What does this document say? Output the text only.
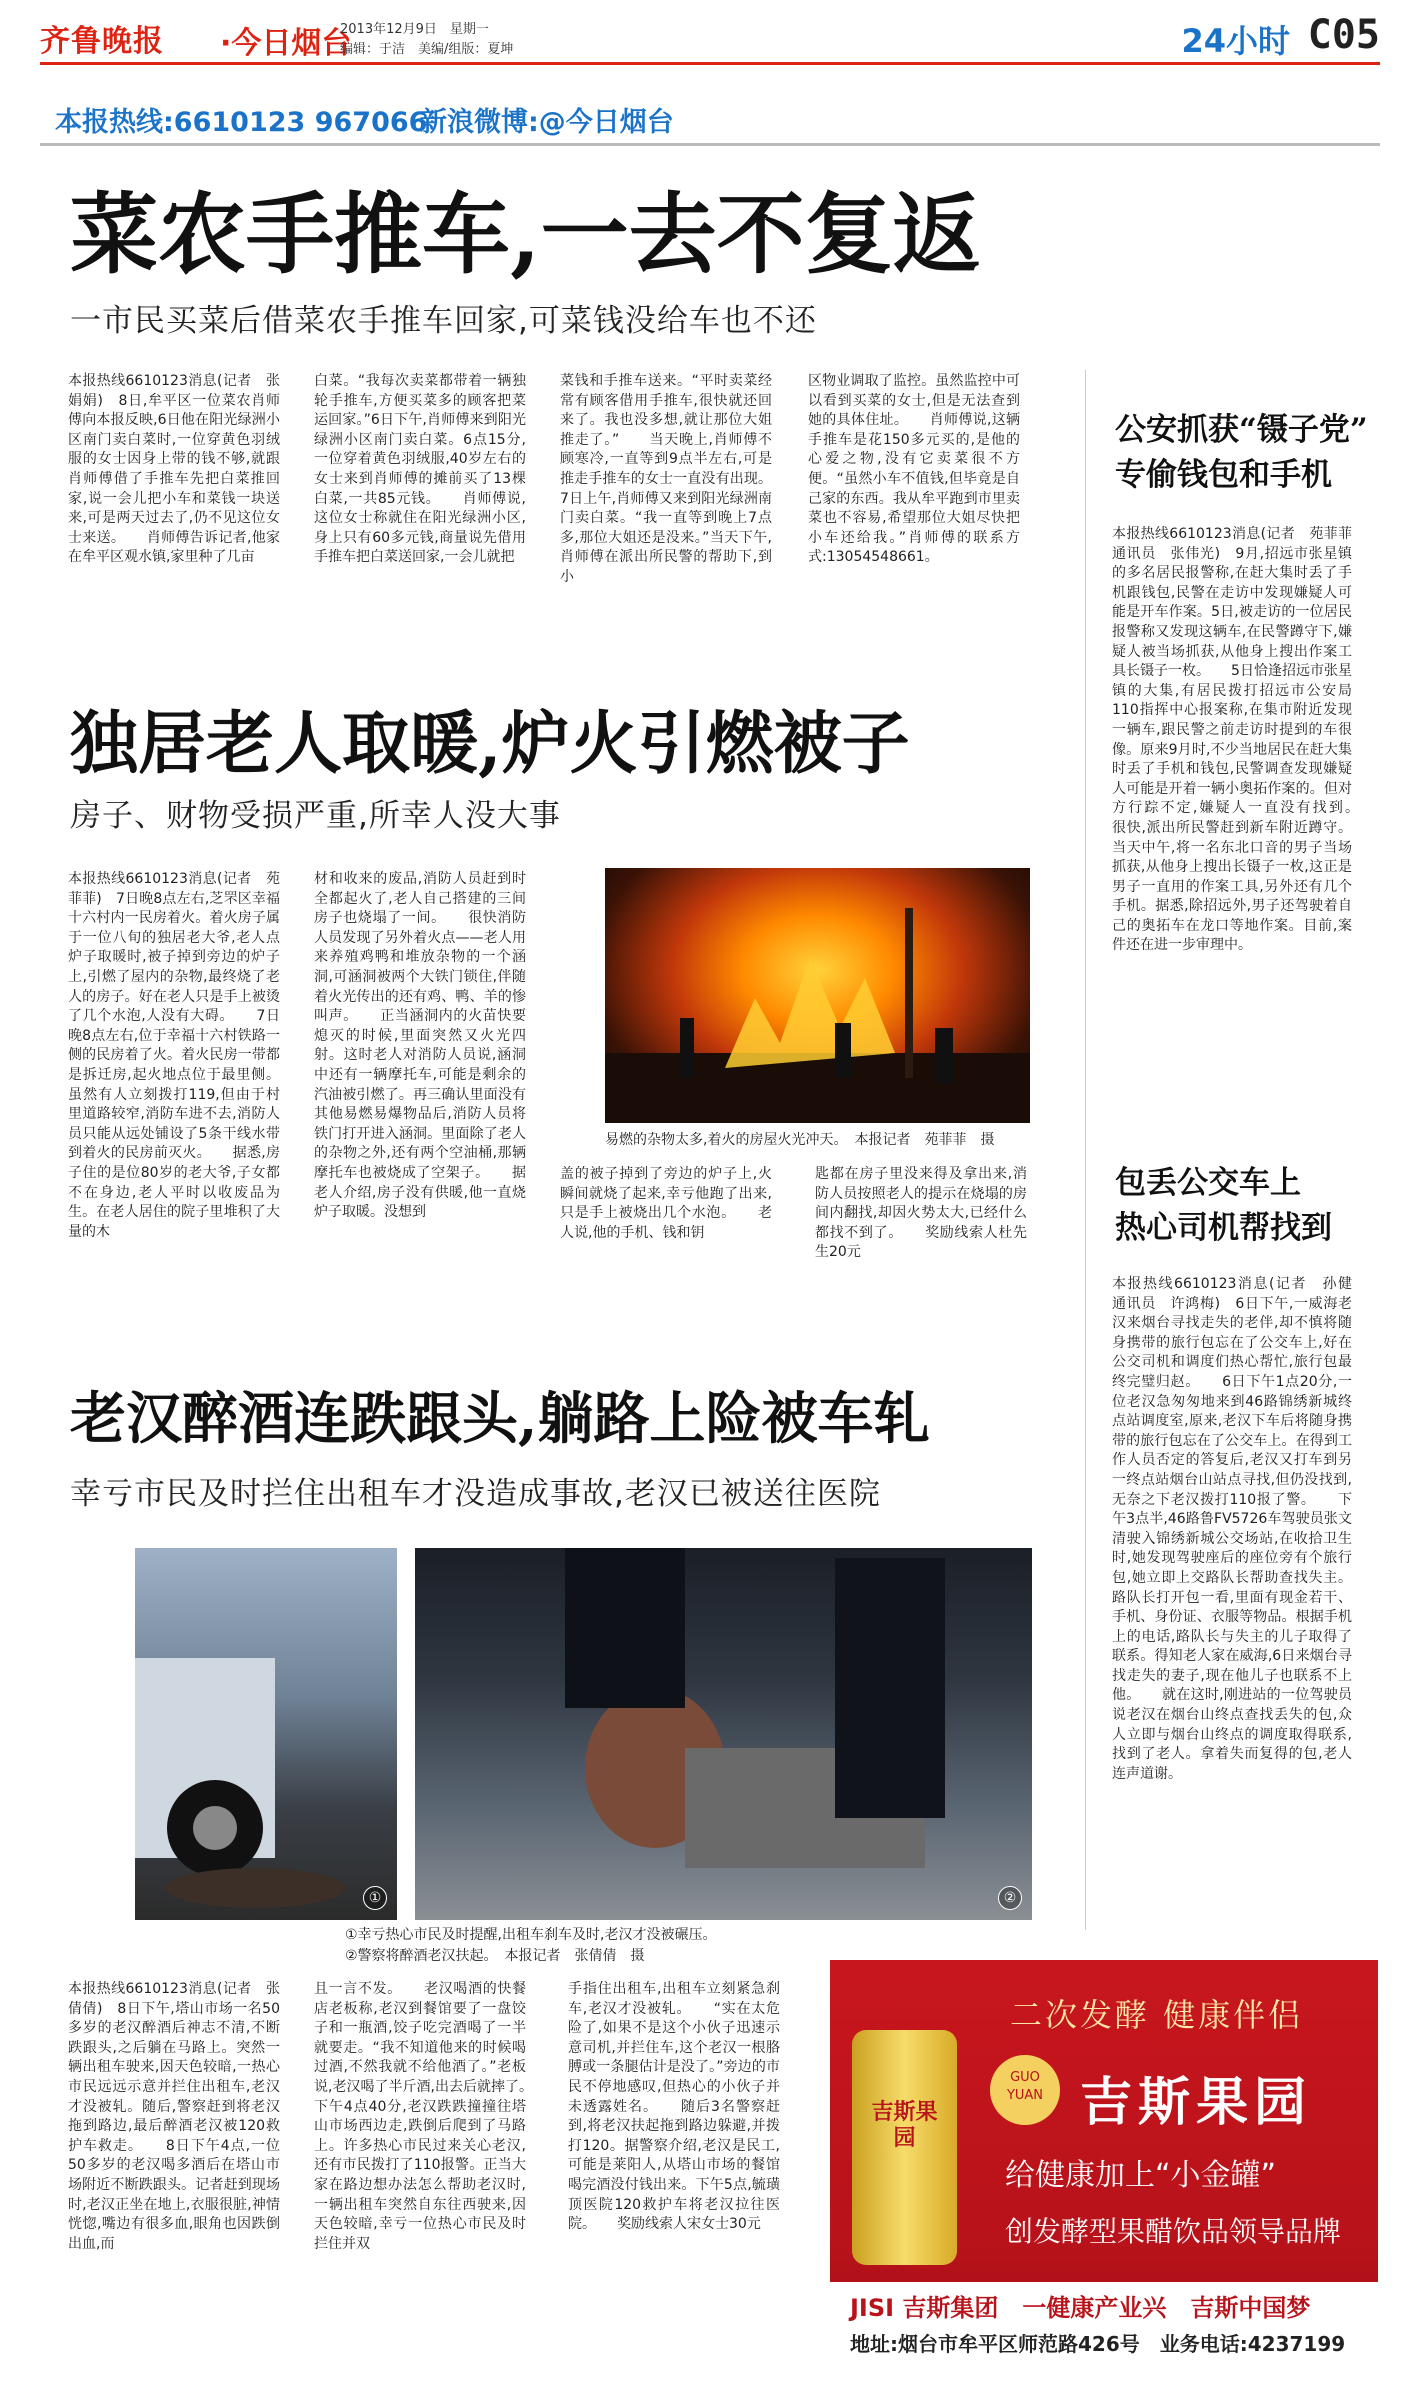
齐鲁晚报 ·今日烟台
2013年12月9日　星期一
编辑：于洁　美编/组版：夏坤	24小时 C05
本报热线:6610123 967066
新浪微博:@今日烟台
菜农手推车,一去不复返
一市民买菜后借菜农手推车回家,可菜钱没给车也不还
本报热线6610123消息(记者　张娟娟)　8日,牟平区一位菜农肖师傅向本报反映,6日他在阳光绿洲小区南门卖白菜时,一位穿黄色羽绒服的女士因身上带的钱不够,就跟肖师傅借了手推车先把白菜推回家,说一会儿把小车和菜钱一块送来,可是两天过去了,仍不见这位女士来送。　　肖师傅告诉记者,他家在牟平区观水镇,家里种了几亩
白菜。“我每次卖菜都带着一辆独轮手推车,方便买菜多的顾客把菜运回家。”6日下午,肖师傅来到阳光绿洲小区南门卖白菜。6点15分,一位穿着黄色羽绒服,40岁左右的女士来到肖师傅的摊前买了13棵白菜,一共85元钱。　　肖师傅说,这位女士称就住在阳光绿洲小区,身上只有60多元钱,商量说先借用手推车把白菜送回家,一会儿就把
菜钱和手推车送来。“平时卖菜经常有顾客借用手推车,很快就还回来了。我也没多想,就让那位大姐推走了。”　　当天晚上,肖师傅不顾寒冷,一直等到9点半左右,可是推走手推车的女士一直没有出现。7日上午,肖师傅又来到阳光绿洲南门卖白菜。“我一直等到晚上7点多,那位大姐还是没来。”当天下午,肖师傅在派出所民警的帮助下,到小
区物业调取了监控。虽然监控中可以看到买菜的女士,但是无法查到她的具体住址。　　肖师傅说,这辆手推车是花150多元买的,是他的心爱之物,没有它卖菜很不方便。“虽然小车不值钱,但毕竟是自己家的东西。我从牟平跑到市里卖菜也不容易,希望那位大姐尽快把小车还给我。”肖师傅的联系方式:13054548661。
独居老人取暖,炉火引燃被子
房子、财物受损严重,所幸人没大事
本报热线6610123消息(记者　苑菲菲)　7日晚8点左右,芝罘区幸福十六村内一民房着火。着火房子属于一位八旬的独居老大爷,老人点炉子取暖时,被子掉到旁边的炉子上,引燃了屋内的杂物,最终烧了老人的房子。好在老人只是手上被烫了几个水泡,人没有大碍。　　7日晚8点左右,位于幸福十六村铁路一侧的民房着了火。着火民房一带都是拆迁房,起火地点位于最里侧。虽然有人立刻拨打119,但由于村里道路较窄,消防车进不去,消防人员只能从远处铺设了5条干线水带到着火的民房前灭火。　　据悉,房子住的是位80岁的老大爷,子女都不在身边,老人平时以收废品为生。在老人居住的院子里堆积了大量的木
材和收来的废品,消防人员赶到时全都起火了,老人自己搭建的三间房子也烧塌了一间。　　很快消防人员发现了另外着火点——老人用来养殖鸡鸭和堆放杂物的一个涵洞,可涵洞被两个大铁门锁住,伴随着火光传出的还有鸡、鸭、羊的惨叫声。　　正当涵洞内的火苗快要熄灭的时候,里面突然又火光四射。这时老人对消防人员说,涵洞中还有一辆摩托车,可能是剩余的汽油被引燃了。再三确认里面没有其他易燃易爆物品后,消防人员将铁门打开进入涵洞。里面除了老人的杂物之外,还有两个空油桶,那辆摩托车也被烧成了空架子。　　据老人介绍,房子没有供暖,他一直烧炉子取暖。没想到
易燃的杂物太多,着火的房屋火光冲天。　本报记者　苑菲菲　摄
盖的被子掉到了旁边的炉子上,火瞬间就烧了起来,幸亏他跑了出来,只是手上被烧出几个水泡。　　老人说,他的手机、钱和钥
匙都在房子里没来得及拿出来,消防人员按照老人的提示在烧塌的房间内翻找,却因火势太大,已经什么都找不到了。　　奖励线索人杜先生20元
老汉醉酒连跌跟头,躺路上险被车轧
幸亏市民及时拦住出租车才没造成事故,老汉已被送往医院
①	②
①幸亏热心市民及时提醒,出租车刹车及时,老汉才没被碾压。
②警察将醉酒老汉扶起。　本报记者　张倩倩　摄
本报热线6610123消息(记者　张倩倩)　8日下午,塔山市场一名50多岁的老汉醉酒后神志不清,不断跌跟头,之后躺在马路上。突然一辆出租车驶来,因天色较暗,一热心市民远远示意并拦住出租车,老汉才没被轧。随后,警察赶到将老汉拖到路边,最后醉酒老汉被120救护车救走。　　8日下午4点,一位50多岁的老汉喝多酒后在塔山市场附近不断跌跟头。记者赶到现场时,老汉正坐在地上,衣服很脏,神情恍惚,嘴边有很多血,眼角也因跌倒出血,而
且一言不发。　　老汉喝酒的快餐店老板称,老汉到餐馆要了一盘饺子和一瓶酒,饺子吃完酒喝了一半就要走。“我不知道他来的时候喝过酒,不然我就不给他酒了。”老板说,老汉喝了半斤酒,出去后就摔了。　　下午4点40分,老汉跌跌撞撞往塔山市场西边走,跌倒后爬到了马路上。许多热心市民过来关心老汉,还有市民拨打了110报警。正当大家在路边想办法怎么帮助老汉时,一辆出租车突然自东往西驶来,因天色较暗,幸亏一位热心市民及时拦住并双
手指住出租车,出租车立刻紧急刹车,老汉才没被轧。　　“实在太危险了,如果不是这个小伙子迅速示意司机,并拦住车,这个老汉一根胳膊或一条腿估计是没了。”旁边的市民不停地感叹,但热心的小伙子并未透露姓名。　　随后3名警察赶到,将老汉扶起拖到路边躲避,并拨打120。据警察介绍,老汉是民工,可能是莱阳人,从塔山市场的餐馆喝完酒没付钱出来。下午5点,毓璜顶医院120救护车将老汉拉往医院。　　奖励线索人宋女士30元
公安抓获“镊子党”
专偷钱包和手机
本报热线6610123消息(记者　苑菲菲　通讯员　张伟光)　9月,招远市张星镇的多名居民报警称,在赶大集时丢了手机跟钱包,民警在走访中发现嫌疑人可能是开车作案。5日,被走访的一位居民报警称又发现这辆车,在民警蹲守下,嫌疑人被当场抓获,从他身上搜出作案工具长镊子一枚。　　5日恰逢招远市张星镇的大集,有居民拨打招远市公安局110指挥中心报案称,在集市附近发现一辆车,跟民警之前走访时提到的车很像。原来9月时,不少当地居民在赶大集时丢了手机和钱包,民警调查发现嫌疑人可能是开着一辆小奥拓作案的。但对方行踪不定,嫌疑人一直没有找到。　　很快,派出所民警赶到新车附近蹲守。当天中午,将一名东北口音的男子当场抓获,从他身上搜出长镊子一枚,这正是男子一直用的作案工具,另外还有几个手机。据悉,除招远外,男子还驾驶着自己的奥拓车在龙口等地作案。目前,案件还在进一步审理中。
包丢公交车上
热心司机帮找到
本报热线6610123消息(记者　孙健　通讯员　许鸿梅)　6日下午,一威海老汉来烟台寻找走失的老伴,却不慎将随身携带的旅行包忘在了公交车上,好在公交司机和调度们热心帮忙,旅行包最终完璧归赵。　　6日下午1点20分,一位老汉急匆匆地来到46路锦绣新城终点站调度室,原来,老汉下车后将随身携带的旅行包忘在了公交车上。在得到工作人员否定的答复后,老汉又打车到另一终点站烟台山站点寻找,但仍没找到,无奈之下老汉拨打110报了警。　　下午3点半,46路鲁FV5726车驾驶员张文清驶入锦绣新城公交场站,在收拾卫生时,她发现驾驶座后的座位旁有个旅行包,她立即上交路队长帮助查找失主。路队长打开包一看,里面有现金若干、手机、身份证、衣服等物品。根据手机上的电话,路队长与失主的儿子取得了联系。得知老人家在威海,6日来烟台寻找走失的妻子,现在他儿子也联系不上他。　　就在这时,刚进站的一位驾驶员说老汉在烟台山终点查找丢失的包,众人立即与烟台山终点的调度取得联系,找到了老人。拿着失而复得的包,老人连声道谢。
二次发酵 健康伴侣
吉斯果园
GUO YUAN 吉斯果园
给健康加上“小金罐”
创发酵型果醋饮品领导品牌
JISI 吉斯集团　一健康产业兴　吉斯中国梦
地址:烟台市牟平区师范路426号　业务电话:4237199
